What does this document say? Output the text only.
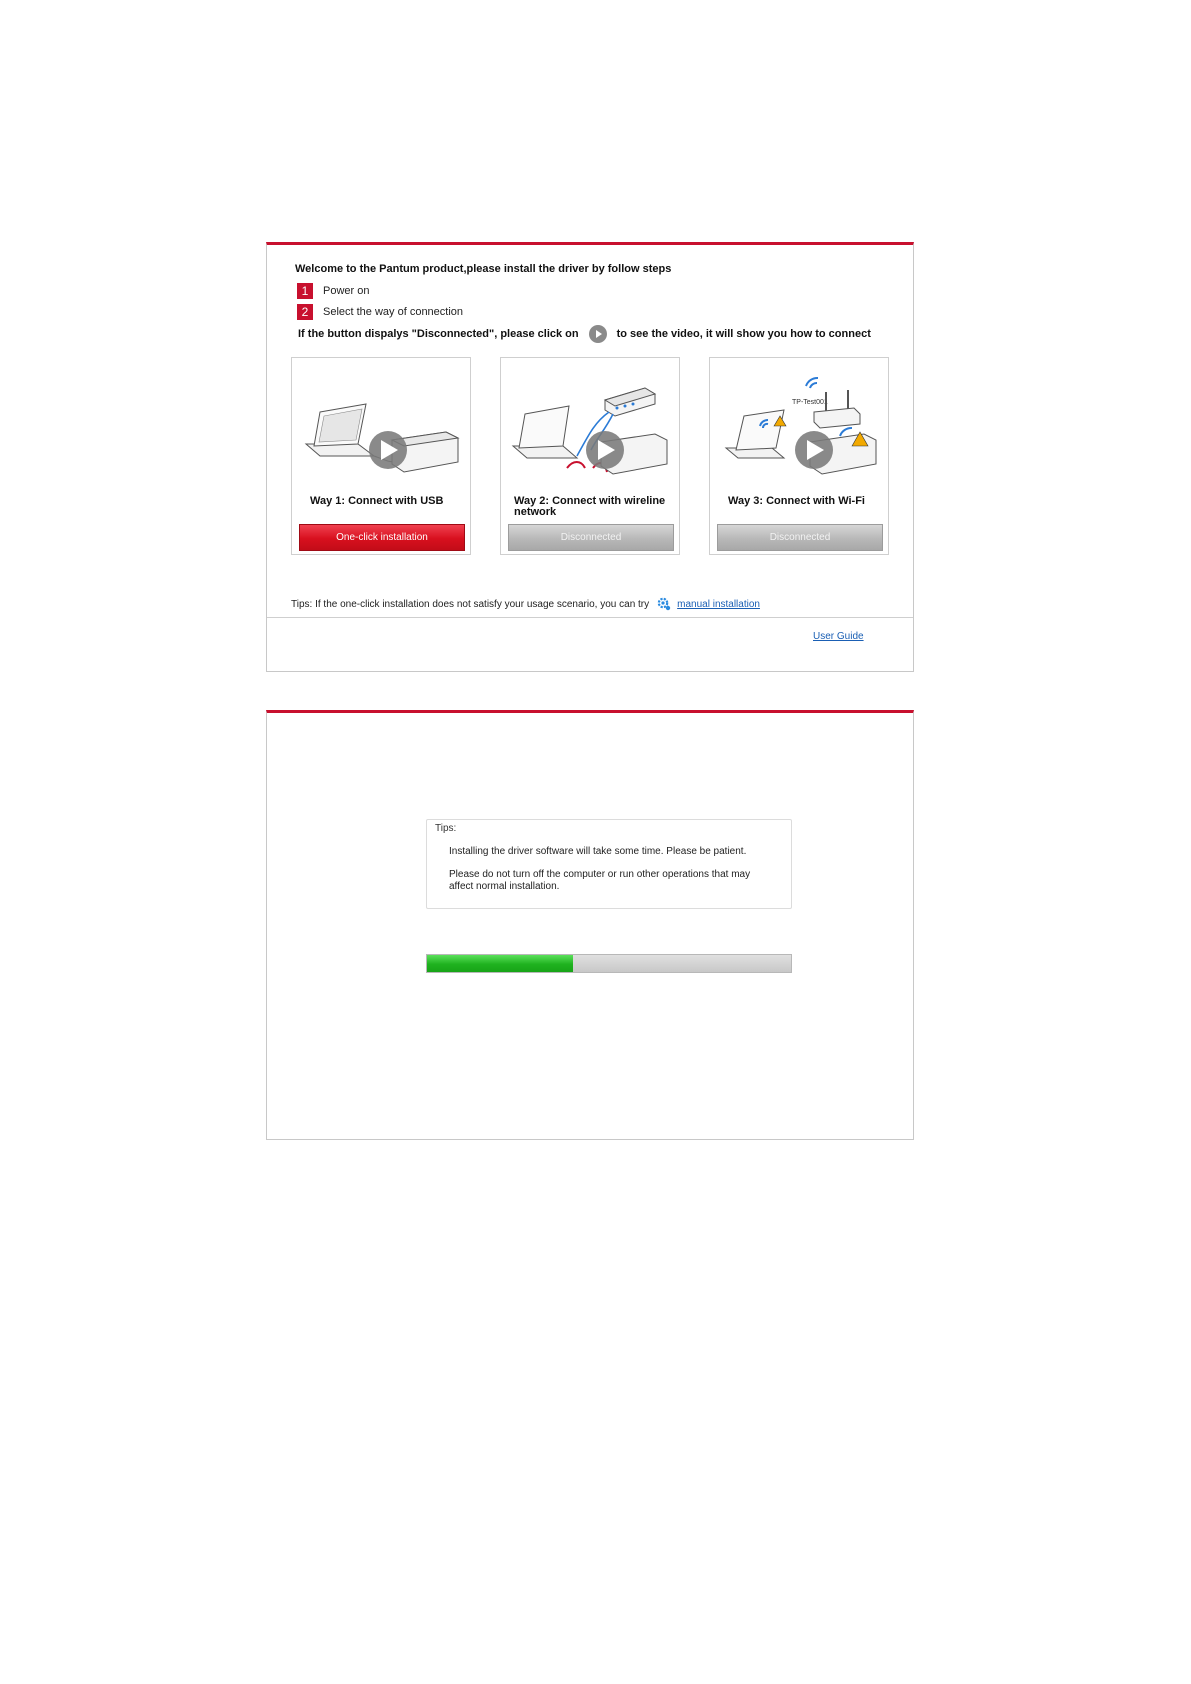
Welcome to the Pantum product,please install the driver by follow steps
1	Power on
2	Select the way of connection
If the button dispalys "Disconnected", please click on	to see the video, it will show you how to connect
Way 1: Connect with USB
One-click installation
Way 2: Connect with wireline network
Disconnected
TP-Test001
Way 3: Connect with Wi-Fi
Disconnected
Tips: If the one-click installation does not satisfy your usage scenario, you can try	manual installation
User Guide
Tips:
Installing the driver software will take some time. Please be patient.
Please do not turn off the computer or run other operations that may affect normal installation.
